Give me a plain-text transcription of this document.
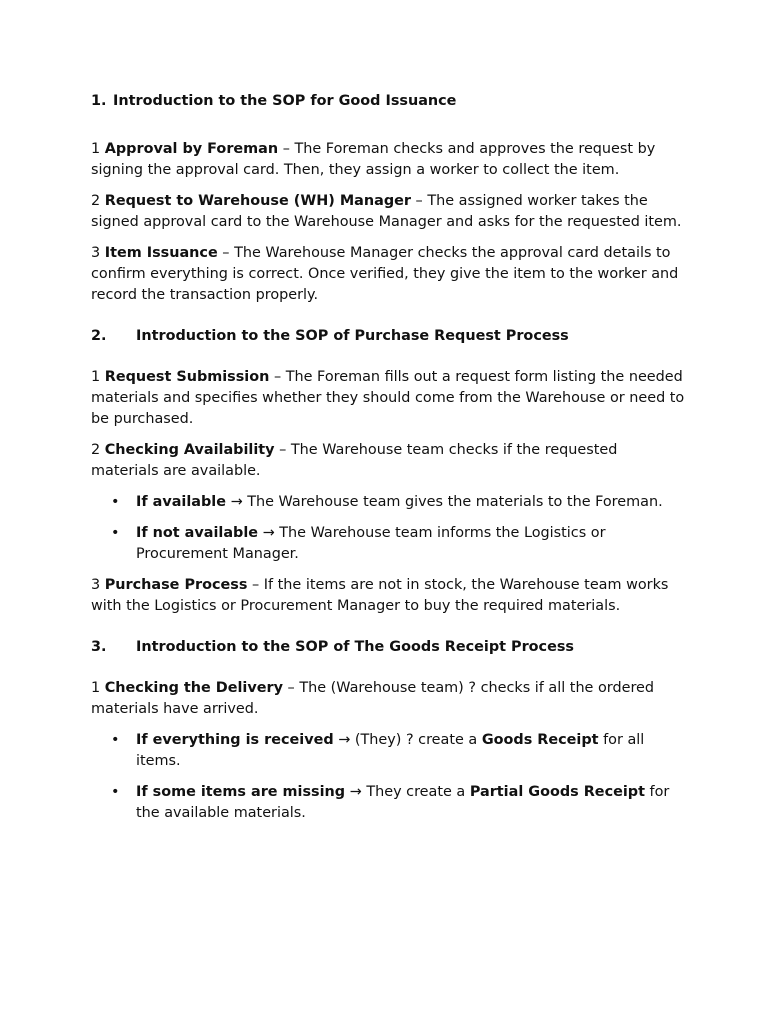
1. Introduction to the SOP for Good Issuance

1 Approval by Foreman – The Foreman checks and approves the request by signing the approval card. Then, they assign a worker to collect the item.

2 Request to Warehouse (WH) Manager – The assigned worker takes the signed approval card to the Warehouse Manager and asks for the requested item.

3 Item Issuance – The Warehouse Manager checks the approval card details to confirm everything is correct. Once verified, they give the item to the worker and record the transaction properly.

2. Introduction to the SOP of Purchase Request Process

1 Request Submission – The Foreman fills out a request form listing the needed materials and specifies whether they should come from the Warehouse or need to be purchased.

2 Checking Availability – The Warehouse team checks if the requested materials are available.

• If available → The Warehouse team gives the materials to the Foreman.
• If not available → The Warehouse team informs the Logistics or Procurement Manager.

3 Purchase Process – If the items are not in stock, the Warehouse team works with the Logistics or Procurement Manager to buy the required materials.

3. Introduction to the SOP of The Goods Receipt Process

1 Checking the Delivery – The (Warehouse team) ? checks if all the ordered materials have arrived.

• If everything is received → (They) ? create a Goods Receipt for all items.
• If some items are missing → They create a Partial Goods Receipt for the available materials.
